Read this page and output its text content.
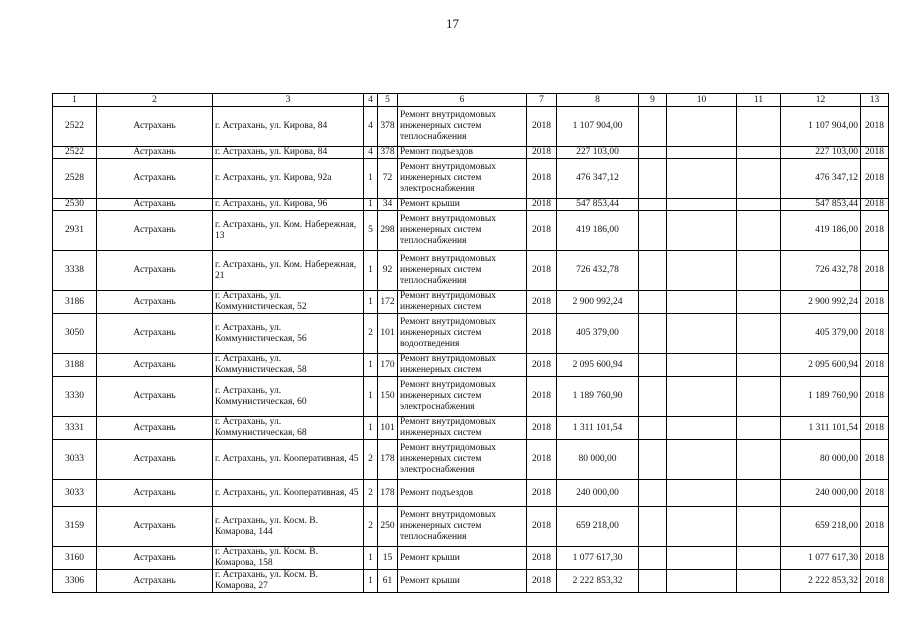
17
1	2	3	4	5	6	7	8	9	10	11	12	13
2522	Астрахань	г. Астрахань, ул. Кирова, 84	4	378	Ремонт внутридомовых инженерных систем теплоснабжения	2018	1 107 904,00				1 107 904,00	2018
2522	Астрахань	г. Астрахань, ул. Кирова, 84	4	378	Ремонт подъездов	2018	227 103,00				227 103,00	2018
2528	Астрахань	г. Астрахань, ул. Кирова, 92а	1	72	Ремонт внутридомовых инженерных систем электроснабжения	2018	476 347,12				476 347,12	2018
2530	Астрахань	г. Астрахань, ул. Кирова, 96	1	34	Ремонт крыши	2018	547 853,44				547 853,44	2018
2931	Астрахань	г. Астрахань, ул. Ком. Набережная, 13	5	298	Ремонт внутридомовых инженерных систем теплоснабжения	2018	419 186,00				419 186,00	2018
3338	Астрахань	г. Астрахань, ул. Ком. Набережная, 21	1	92	Ремонт внутридомовых инженерных систем теплоснабжения	2018	726 432,78				726 432,78	2018
3186	Астрахань	г. Астрахань, ул. Коммунистическая, 52	1	172	Ремонт внутридомовых инженерных систем	2018	2 900 992,24				2 900 992,24	2018
3050	Астрахань	г. Астрахань, ул. Коммунистическая, 56	2	101	Ремонт внутридомовых инженерных систем водоотведения	2018	405 379,00				405 379,00	2018
3188	Астрахань	г. Астрахань, ул. Коммунистическая, 58	1	170	Ремонт внутридомовых инженерных систем	2018	2 095 600,94				2 095 600,94	2018
3330	Астрахань	г. Астрахань, ул. Коммунистическая, 60	1	150	Ремонт внутридомовых инженерных систем электроснабжения	2018	1 189 760,90				1 189 760,90	2018
3331	Астрахань	г. Астрахань, ул. Коммунистическая, 68	1	101	Ремонт внутридомовых инженерных систем	2018	1 311 101,54				1 311 101,54	2018
3033	Астрахань	г. Астрахань, ул. Кооперативная, 45	2	178	Ремонт внутридомовых инженерных систем электроснабжения	2018	80 000,00				80 000,00	2018
3033	Астрахань	г. Астрахань, ул. Кооперативная, 45	2	178	Ремонт подъездов	2018	240 000,00				240 000,00	2018
3159	Астрахань	г. Астрахань, ул. Косм. В. Комарова, 144	2	250	Ремонт внутридомовых инженерных систем теплоснабжения	2018	659 218,00				659 218,00	2018
3160	Астрахань	г. Астрахань, ул. Косм. В. Комарова, 158	1	15	Ремонт крыши	2018	1 077 617,30				1 077 617,30	2018
3306	Астрахань	г. Астрахань, ул. Косм. В. Комарова, 27	1	61	Ремонт крыши	2018	2 222 853,32				2 222 853,32	2018
